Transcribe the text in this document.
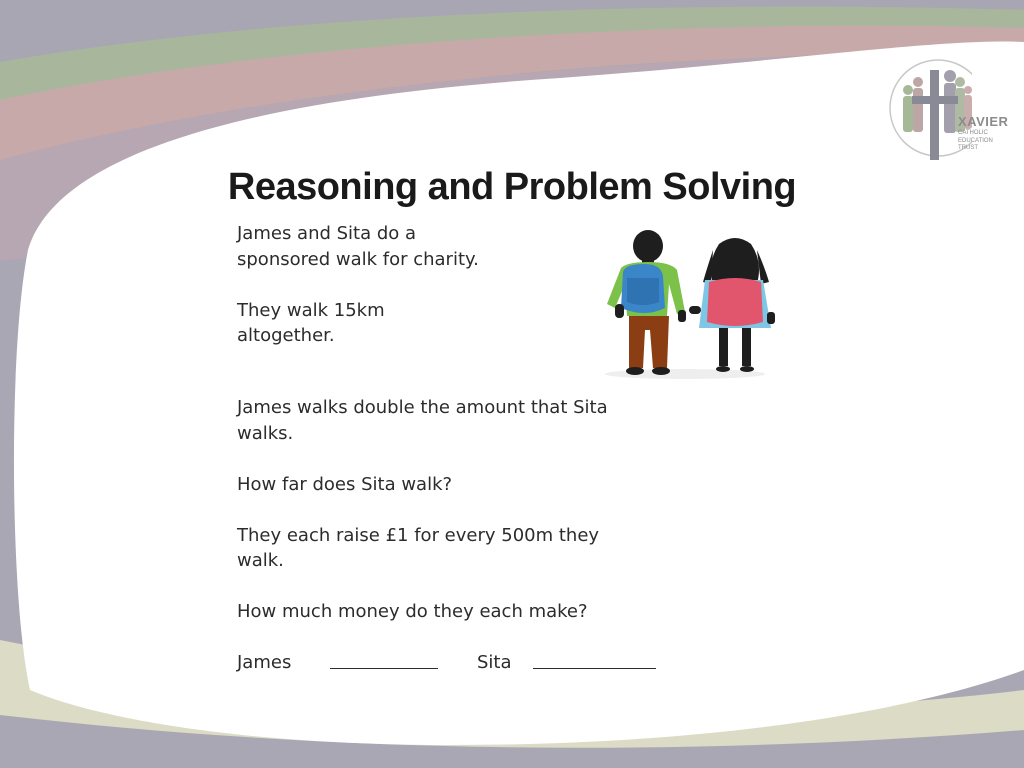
XAVIER
CATHOLIC
EDUCATION
TRUST
Reasoning and Problem Solving
James and Sita do a
sponsored walk for charity.
They walk 15km
altogether.
James walks double the amount that Sita
walks.
How far does Sita walk?
They each raise £1 for every 500m they
walk.
How much money do they each make?
James	Sita
